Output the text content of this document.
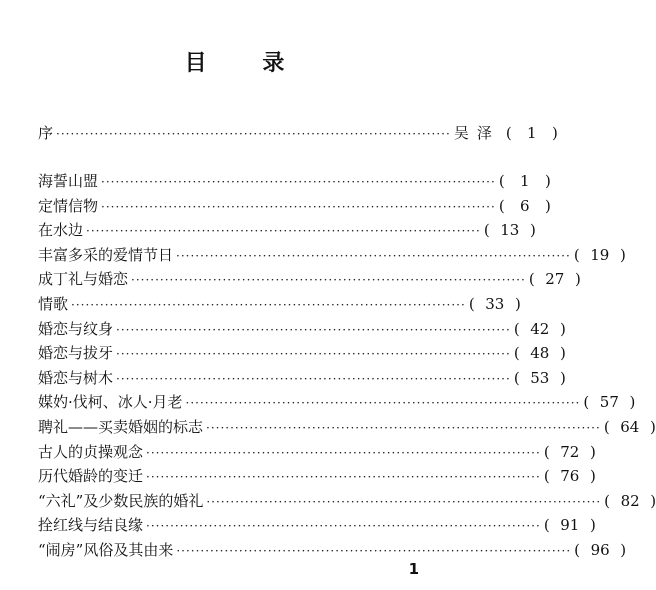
目 录
序 ·················································································· 吴泽 (	1	)
海誓山盟 ·················································································· (	1	)
定情信物 ·················································································· (	6	)
在水边 ·················································································· ( 13 )
丰富多采的爱情节日 ·················································································· ( 19 )
成丁礼与婚恋 ·················································································· ( 27 )
情歌 ·················································································· ( 33 )
婚恋与纹身 ·················································································· ( 42 )
婚恋与拔牙 ·················································································· ( 48 )
婚恋与树木 ·················································································· ( 53 )
媒妁·伐柯、冰人·月老 ·················································································· ( 57 )
聘礼——买卖婚姻的标志 ·················································································· ( 64 )
古人的贞操观念 ·················································································· ( 72 )
历代婚龄的变迁 ·················································································· ( 76 )
“六礼”及少数民族的婚礼 ·················································································· ( 82 )
拴红线与结良缘 ·················································································· ( 91 )
“闹房”风俗及其由来 ·················································································· ( 96 )
1
